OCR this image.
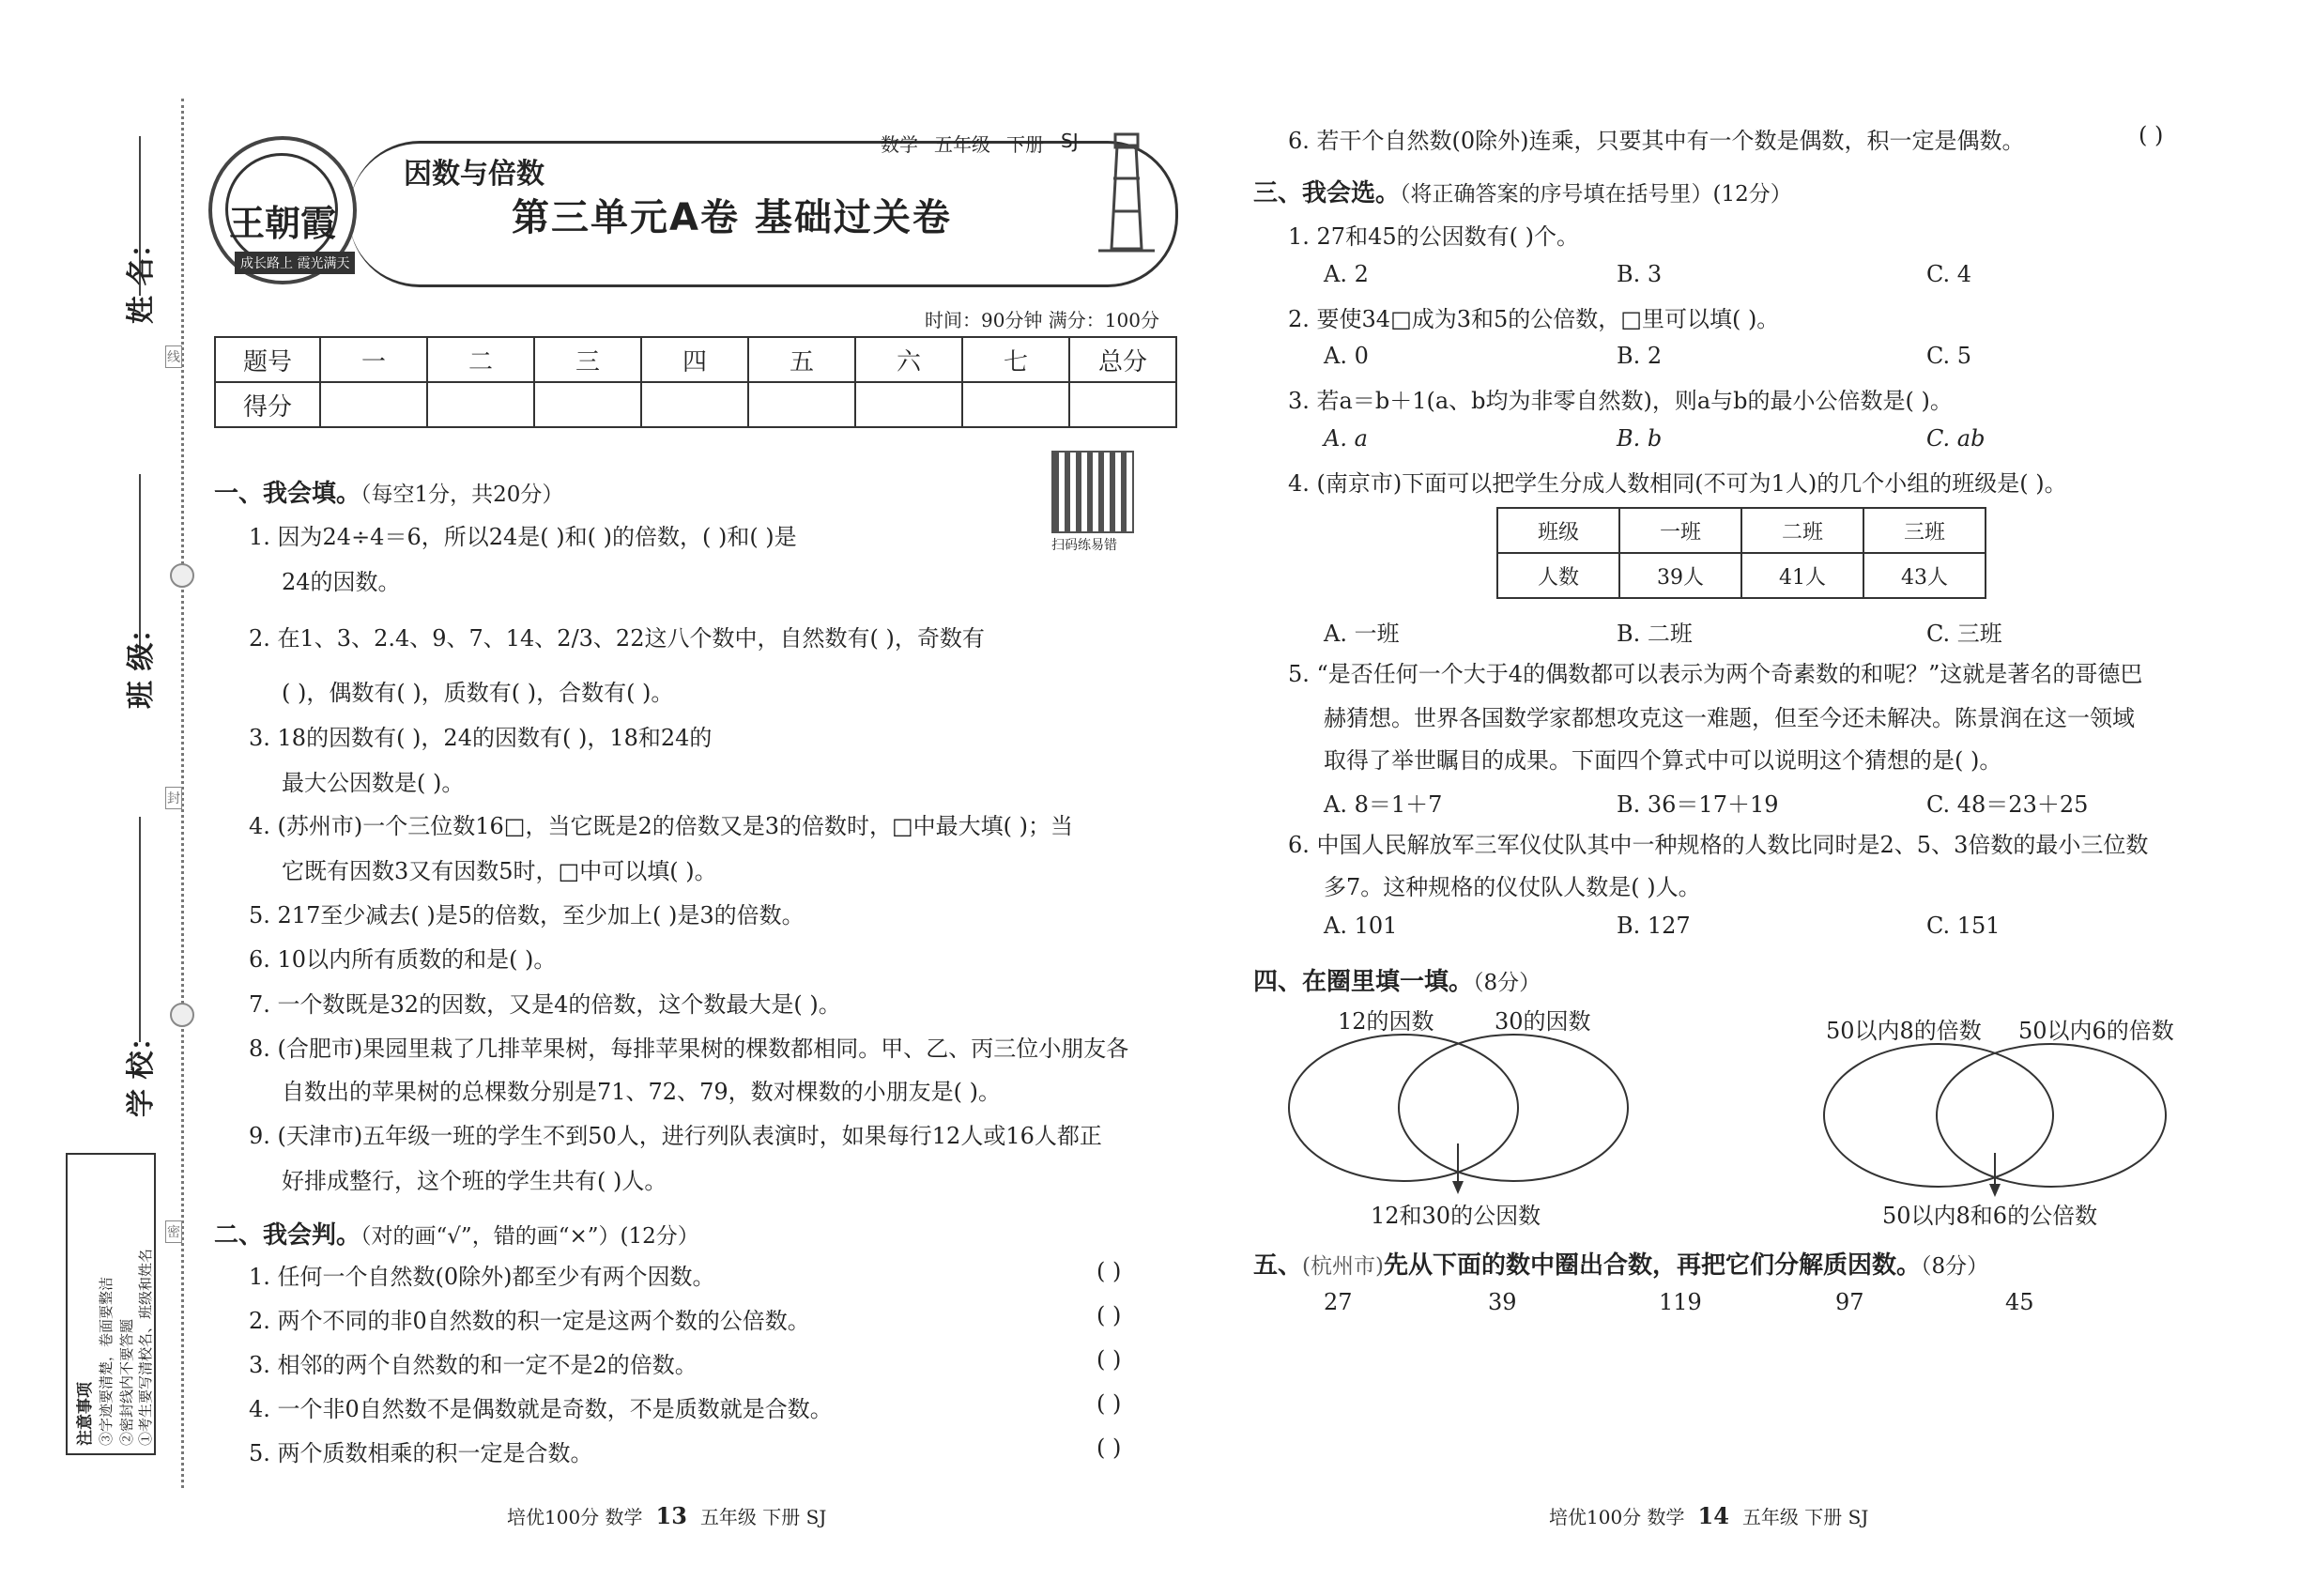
姓 名：
班 级：
学 校：
线
封
密
注意事项 ③字迹要清楚，卷面要整洁 ②密封线内不要答题 ①考生要写清校名、班级和姓名
王朝霞
成长路上 霞光满天
因数与倍数
第三单元A卷 基础过关卷
数学 五年级 下册 SJ
时间：90分钟 满分：100分
题号	一	二	三	四	五	六	七	总分
得分								
扫码练易错
一、我会填。（每空1分，共20分）
1. 因为24÷4＝6，所以24是( )和( )的倍数，( )和( )是
24的因数。
2. 在1、3、2.4、9、7、14、2/3、22这八个数中，自然数有( )，奇数有
( )，偶数有( )，质数有( )，合数有( )。
3. 18的因数有( )，24的因数有( )，18和24的
最大公因数是( )。
4. (苏州市)一个三位数16□，当它既是2的倍数又是3的倍数时，□中最大填( )；当
它既有因数3又有因数5时，□中可以填( )。
5. 217至少减去( )是5的倍数，至少加上( )是3的倍数。
6. 10以内所有质数的和是( )。
7. 一个数既是32的因数，又是4的倍数，这个数最大是( )。
8. (合肥市)果园里栽了几排苹果树，每排苹果树的棵数都相同。甲、乙、丙三位小朋友各
自数出的苹果树的总棵数分别是71、72、79，数对棵数的小朋友是( )。
9. (天津市)五年级一班的学生不到50人，进行列队表演时，如果每行12人或16人都正
好排成整行，这个班的学生共有( )人。
二、我会判。（对的画“√”，错的画“×”）(12分）
1. 任何一个自然数(0除外)都至少有两个因数。	( )
2. 两个不同的非0自然数的积一定是这两个数的公倍数。	( )
3. 相邻的两个自然数的和一定不是2的倍数。	( )
4. 一个非0自然数不是偶数就是奇数，不是质数就是合数。	( )
5. 两个质数相乘的积一定是合数。	( )
培优100分 数学 13 五年级 下册 SJ
6. 若干个自然数(0除外)连乘，只要其中有一个数是偶数，积一定是偶数。	( )
三、我会选。（将正确答案的序号填在括号里）(12分）
1. 27和45的公因数有( )个。
A. 2	B. 3	C. 4
2. 要使34□成为3和5的公倍数，□里可以填( )。
A. 0	B. 2	C. 5
3. 若a＝b＋1(a、b均为非零自然数)，则a与b的最小公倍数是( )。
A. a	B. b	C. ab
4. (南京市)下面可以把学生分成人数相同(不可为1人)的几个小组的班级是( )。
班级	一班	二班	三班
人数	39人	41人	43人
A. 一班	B. 二班	C. 三班
5. “是否任何一个大于4的偶数都可以表示为两个奇素数的和呢？”这就是著名的哥德巴
赫猜想。世界各国数学家都想攻克这一难题，但至今还未解决。陈景润在这一领域
取得了举世瞩目的成果。下面四个算式中可以说明这个猜想的是( )。
A. 8＝1＋7	B. 36＝17＋19	C. 48＝23＋25
6. 中国人民解放军三军仪仗队其中一种规格的人数比同时是2、5、3倍数的最小三位数
多7。这种规格的仪仗队人数是( )人。
A. 101	B. 127	C. 151
四、在圈里填一填。（8分）
12的因数	30的因数
12和30的公因数
50以内8的倍数 50以内6的倍数
50以内8和6的公倍数
五、(杭州市)先从下面的数中圈出合数，再把它们分解质因数。（8分）
27	39	119	97	45
培优100分 数学 14 五年级 下册 SJ
